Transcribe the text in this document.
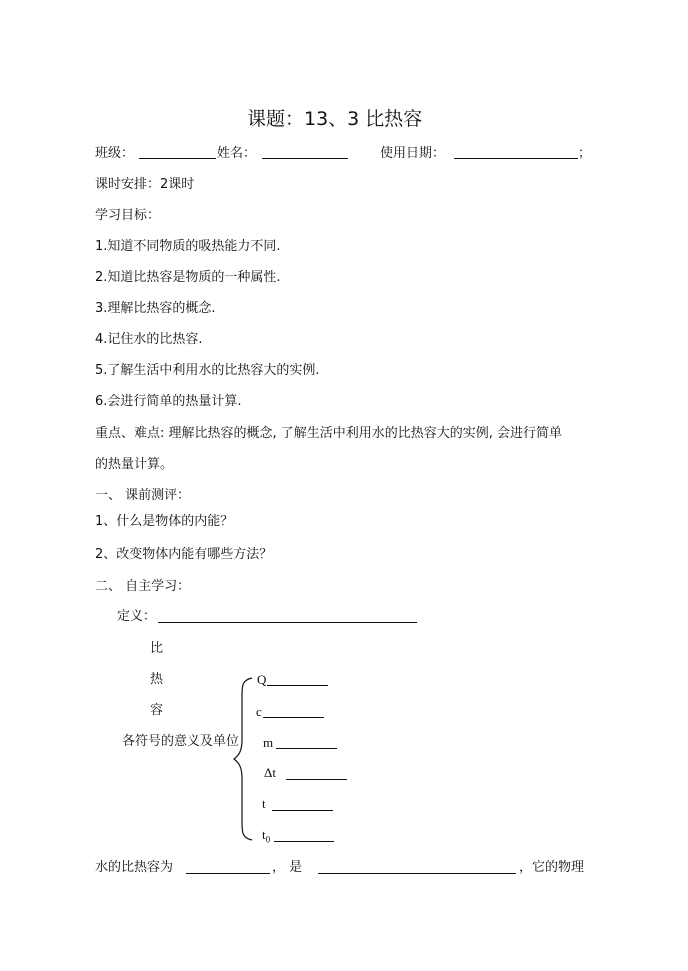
课题：13、3 比热容
班级：	姓名：	使用日期：	；
课时安排：2课时
学习目标：
1.知道不同物质的吸热能力不同.
2.知道比热容是物质的一种属性.
3.理解比热容的概念.
4.记住水的比热容.
5.了解生活中利用水的比热容大的实例.
6.会进行简单的热量计算.
重点、难点: 理解比热容的概念, 了解生活中利用水的比热容大的实例, 会进行简单
的热量计算。
一、 课前测评：
1、什么是物体的内能？
2、改变物体内能有哪些方法？
二、 自主学习：
定义：
比
热
容
各符号的意义及单位
Q
c
m
Δt
t
$t_0$
水的比热容为	， 是	，它的物理
